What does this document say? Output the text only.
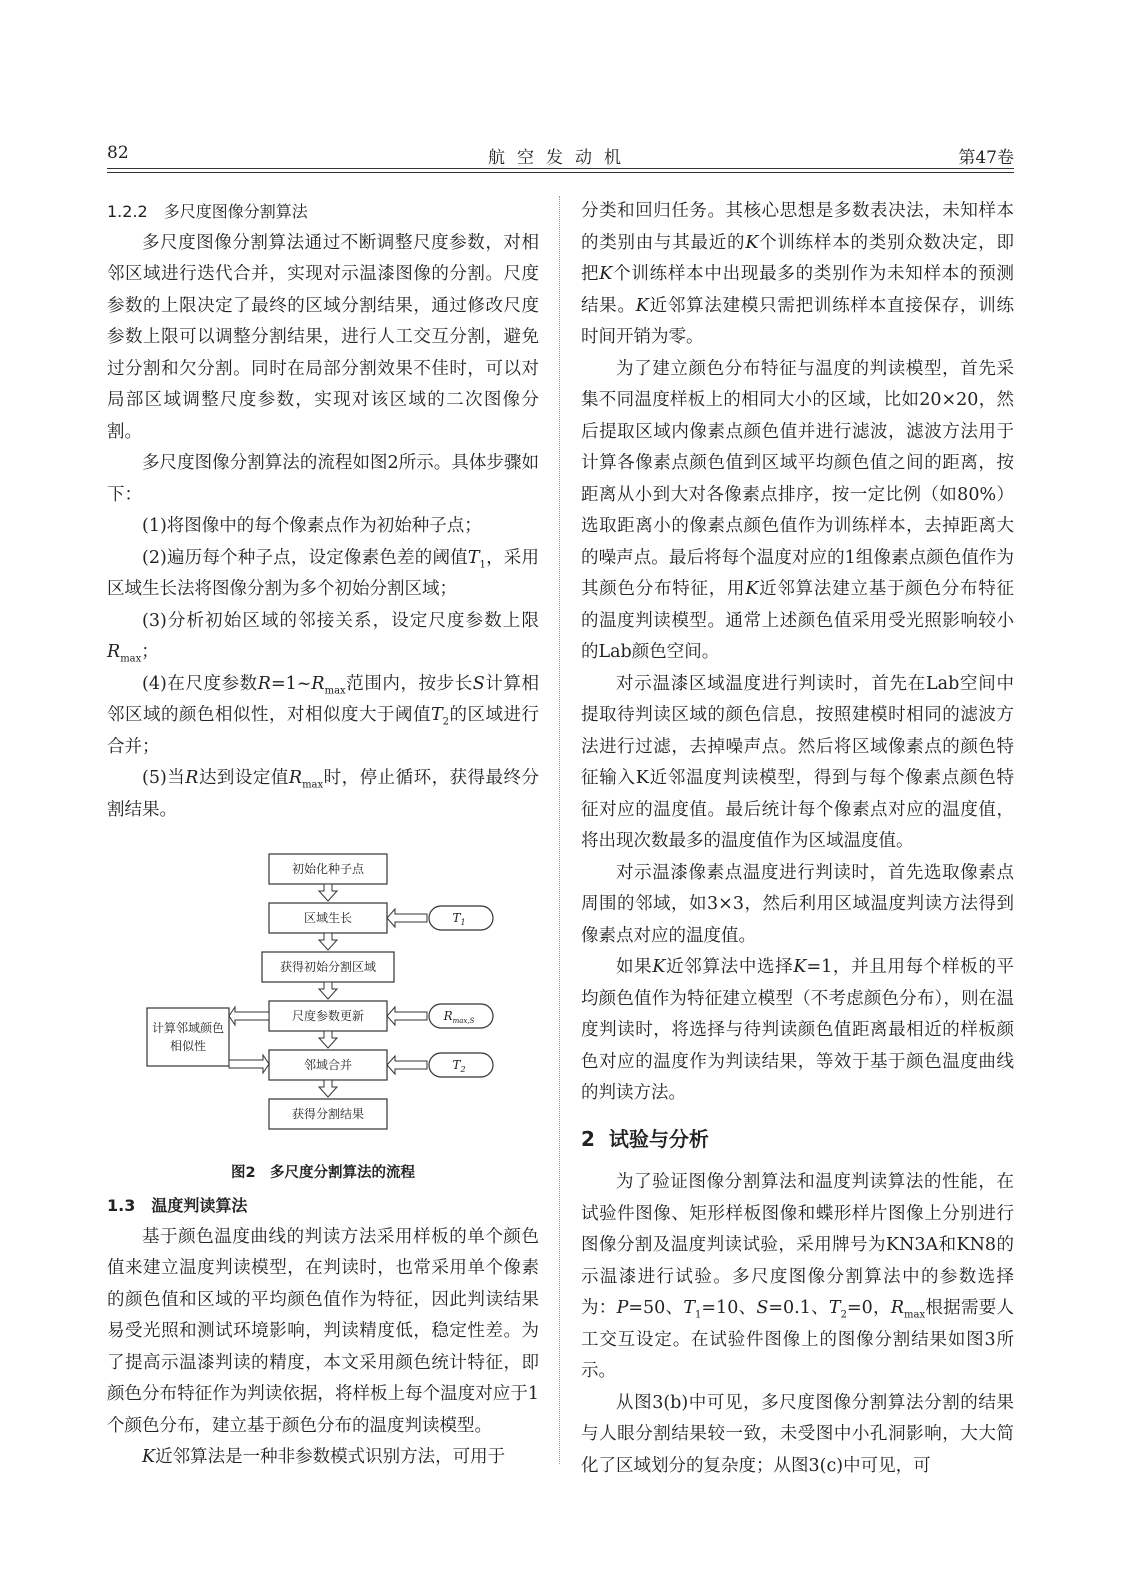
82	航空发动机	第47卷
1.2.2 多尺度图像分割算法

多尺度图像分割算法通过不断调整尺度参数，对相邻区域进行迭代合并，实现对示温漆图像的分割。尺度参数的上限决定了最终的区域分割结果，通过修改尺度参数上限可以调整分割结果，进行人工交互分割，避免过分割和欠分割。同时在局部分割效果不佳时，可以对局部区域调整尺度参数，实现对该区域的二次图像分割。

多尺度图像分割算法的流程如图2所示。具体步骤如下：

(1)将图像中的每个像素点作为初始种子点；

(2)遍历每个种子点，设定像素色差的阈值$T_1$，采用区域生长法将图像分割为多个初始分割区域；

(3)分析初始区域的邻接关系，设定尺度参数上限$R_{max}$；

(4)在尺度参数$R=1\sim R_{max}$范围内，按步长S计算相邻区域的颜色相似性，对相似度大于阈值$T_2$的区域进行合并；

(5)当R达到设定值$R_{max}$时，停止循环，获得最终分割结果。

初始化种子点
区域生长
获得初始分割区域
尺度参数更新
邻域合并
获得分割结果
计算邻域颜色
相似性
$T_1$
$R_{max,S}$
$T_2$
图2　多尺度分割算法的流程
1.3 温度判读算法

基于颜色温度曲线的判读方法采用样板的单个颜色值来建立温度判读模型，在判读时，也常采用单个像素的颜色值和区域的平均颜色值作为特征，因此判读结果易受光照和测试环境影响，判读精度低，稳定性差。为了提高示温漆判读的精度，本文采用颜色统计特征，即颜色分布特征作为判读依据，将样板上每个温度对应于1个颜色分布，建立基于颜色分布的温度判读模型。

K近邻算法是一种非参数模式识别方法，可用于

分类和回归任务。其核心思想是多数表决法，未知样本的类别由与其最近的K个训练样本的类别众数决定，即把K个训练样本中出现最多的类别作为未知样本的预测结果。K近邻算法建模只需把训练样本直接保存，训练时间开销为零。

为了建立颜色分布特征与温度的判读模型，首先采集不同温度样板上的相同大小的区域，比如20×20，然后提取区域内像素点颜色值并进行滤波，滤波方法用于计算各像素点颜色值到区域平均颜色值之间的距离，按距离从小到大对各像素点排序，按一定比例（如80%）选取距离小的像素点颜色值作为训练样本，去掉距离大的噪声点。最后将每个温度对应的1组像素点颜色值作为其颜色分布特征，用K近邻算法建立基于颜色分布特征的温度判读模型。通常上述颜色值采用受光照影响较小的Lab颜色空间。

对示温漆区域温度进行判读时，首先在Lab空间中提取待判读区域的颜色信息，按照建模时相同的滤波方法进行过滤，去掉噪声点。然后将区域像素点的颜色特征输入K近邻温度判读模型，得到与每个像素点颜色特征对应的温度值。最后统计每个像素点对应的温度值，将出现次数最多的温度值作为区域温度值。

对示温漆像素点温度进行判读时，首先选取像素点周围的邻域，如3×3，然后利用区域温度判读方法得到像素点对应的温度值。

如果K近邻算法中选择K=1，并且用每个样板的平均颜色值作为特征建立模型（不考虑颜色分布），则在温度判读时，将选择与待判读颜色值距离最相近的样板颜色对应的温度作为判读结果，等效于基于颜色温度曲线的判读方法。

2 试验与分析

为了验证图像分割算法和温度判读算法的性能，在试验件图像、矩形样板图像和蝶形样片图像上分别进行图像分割及温度判读试验，采用牌号为KN3A和KN8的示温漆进行试验。多尺度图像分割算法中的参数选择为：P=50、$T_1=10$、S=0.1、$T_2=0$，$R_{max}$根据需要人工交互设定。在试验件图像上的图像分割结果如图3所示。

从图3(b)中可见，多尺度图像分割算法分割的结果与人眼分割结果较一致，未受图中小孔洞影响，大大简化了区域划分的复杂度；从图3(c)中可见，可
